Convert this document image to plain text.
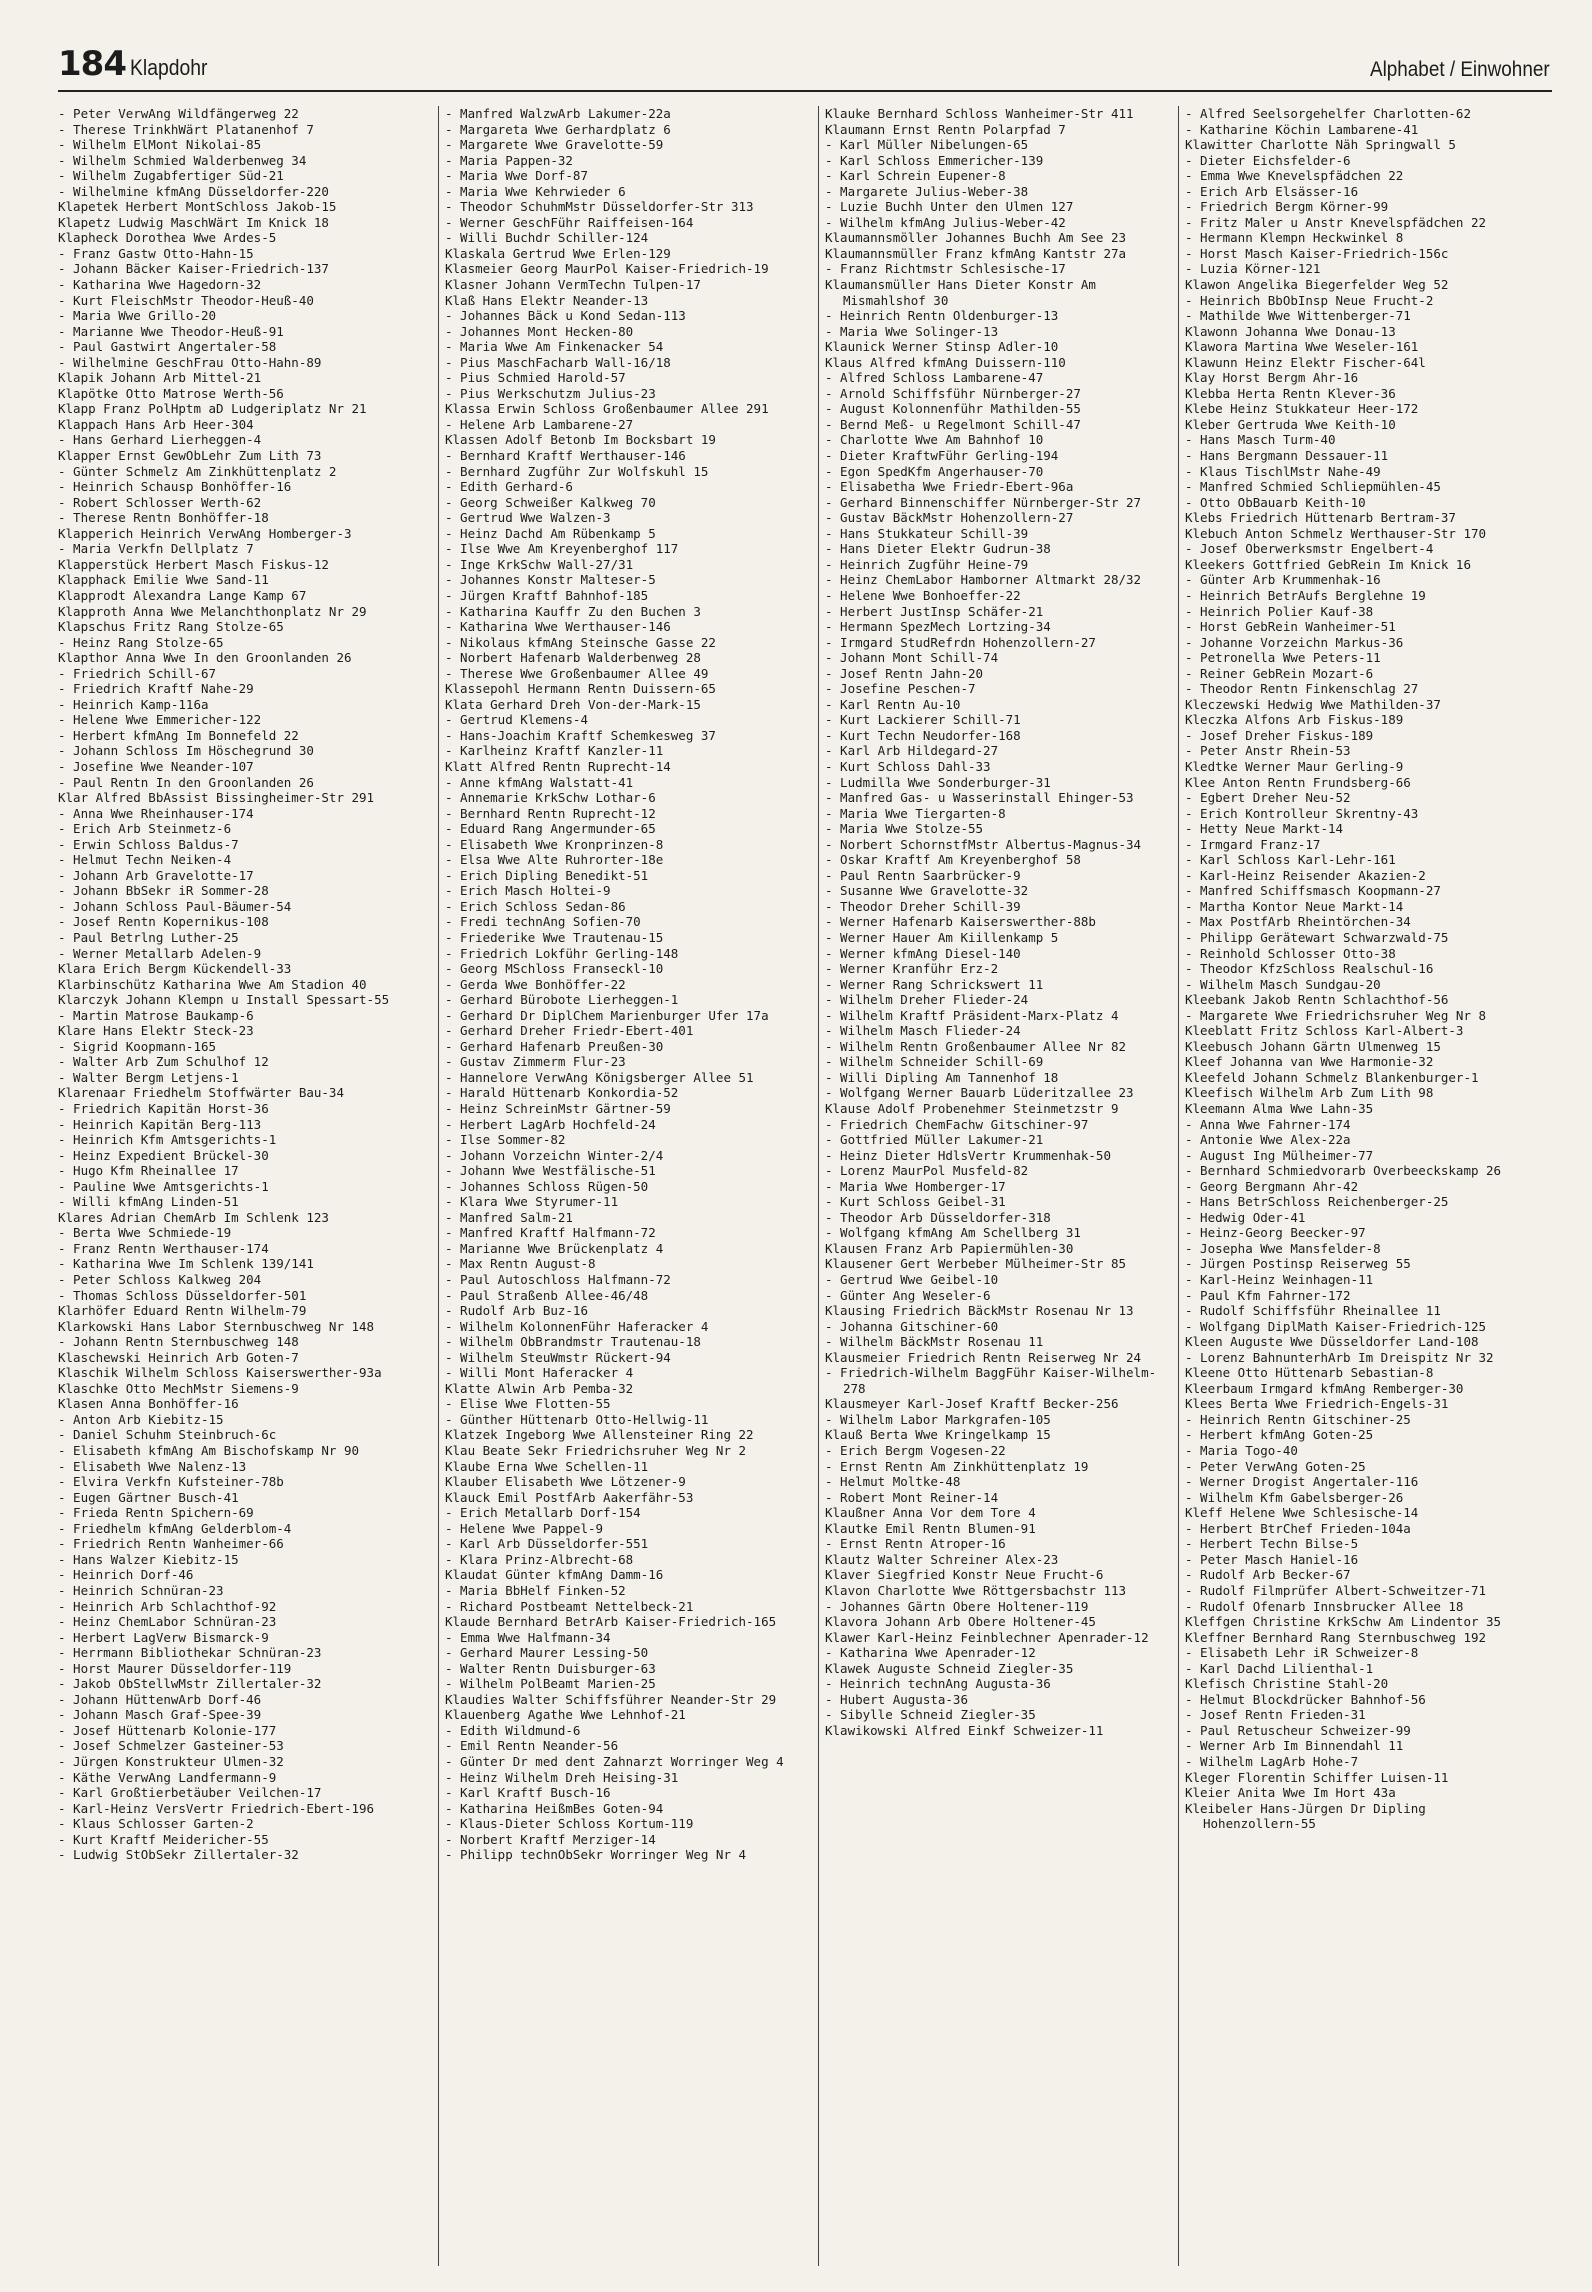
184 Klapdohr	Alphabet / Einwohner
- Peter VerwAng Wildfängerweg 22
- Therese TrinkhWärt Platanenhof 7
- Wilhelm ElMont Nikolai-85
- Wilhelm Schmied Walderbenweg 34
- Wilhelm Zugabfertiger Süd-21
- Wilhelmine kfmAng Düsseldorfer-220
Klapetek Herbert MontSchloss Jakob-15
Klapetz Ludwig MaschWärt Im Knick 18
Klapheck Dorothea Wwe Ardes-5
- Franz Gastw Otto-Hahn-15
- Johann Bäcker Kaiser-Friedrich-137
- Katharina Wwe Hagedorn-32
- Kurt FleischMstr Theodor-Heuß-40
- Maria Wwe Grillo-20
- Marianne Wwe Theodor-Heuß-91
- Paul Gastwirt Angertaler-58
- Wilhelmine GeschFrau Otto-Hahn-89
Klapik Johann Arb Mittel-21
Klapötke Otto Matrose Werth-56
Klapp Franz PolHptm aD Ludgeriplatz Nr 21
Klappach Hans Arb Heer-304
- Hans Gerhard Lierheggen-4
Klapper Ernst GewObLehr Zum Lith 73
- Günter Schmelz Am Zinkhüttenplatz 2
- Heinrich Schausp Bonhöffer-16
- Robert Schlosser Werth-62
- Therese Rentn Bonhöffer-18
Klapperich Heinrich VerwAng Homberger-3
- Maria Verkfn Dellplatz 7
Klapperstück Herbert Masch Fiskus-12
Klapphack Emilie Wwe Sand-11
Klapprodt Alexandra Lange Kamp 67
Klapproth Anna Wwe Melanchthonplatz Nr 29
Klapschus Fritz Rang Stolze-65
- Heinz Rang Stolze-65
Klapthor Anna Wwe In den Groonlanden 26
- Friedrich Schill-67
- Friedrich Kraftf Nahe-29
- Heinrich Kamp-116a
- Helene Wwe Emmericher-122
- Herbert kfmAng Im Bonnefeld 22
- Johann Schloss Im Höschegrund 30
- Josefine Wwe Neander-107
- Paul Rentn In den Groonlanden 26
Klar Alfred BbAssist Bissingheimer-Str 291
- Anna Wwe Rheinhauser-174
- Erich Arb Steinmetz-6
- Erwin Schloss Baldus-7
- Helmut Techn Neiken-4
- Johann Arb Gravelotte-17
- Johann BbSekr iR Sommer-28
- Johann Schloss Paul-Bäumer-54
- Josef Rentn Kopernikus-108
- Paul Betrlng Luther-25
- Werner Metallarb Adelen-9
Klara Erich Bergm Kückendell-33
Klarbinschütz Katharina Wwe Am Stadion 40
Klarczyk Johann Klempn u Install Spessart-55
- Martin Matrose Baukamp-6
Klare Hans Elektr Steck-23
- Sigrid Koopmann-165
- Walter Arb Zum Schulhof 12
- Walter Bergm Letjens-1
Klarenaar Friedhelm Stoffwärter Bau-34
- Friedrich Kapitän Horst-36
- Heinrich Kapitän Berg-113
- Heinrich Kfm Amtsgerichts-1
- Heinz Expedient Brückel-30
- Hugo Kfm Rheinallee 17
- Pauline Wwe Amtsgerichts-1
- Willi kfmAng Linden-51
Klares Adrian ChemArb Im Schlenk 123
- Berta Wwe Schmiede-19
- Franz Rentn Werthauser-174
- Katharina Wwe Im Schlenk 139/141
- Peter Schloss Kalkweg 204
- Thomas Schloss Düsseldorfer-501
Klarhöfer Eduard Rentn Wilhelm-79
Klarkowski Hans Labor Sternbuschweg Nr 148
- Johann Rentn Sternbuschweg 148
Klaschewski Heinrich Arb Goten-7
Klaschik Wilhelm Schloss Kaiserswerther-93a
Klaschke Otto MechMstr Siemens-9
Klasen Anna Bonhöffer-16
- Anton Arb Kiebitz-15
- Daniel Schuhm Steinbruch-6c
- Elisabeth kfmAng Am Bischofskamp Nr 90
- Elisabeth Wwe Nalenz-13
- Elvira Verkfn Kufsteiner-78b
- Eugen Gärtner Busch-41
- Frieda Rentn Spichern-69
- Friedhelm kfmAng Gelderblom-4
- Friedrich Rentn Wanheimer-66
- Hans Walzer Kiebitz-15
- Heinrich Dorf-46
- Heinrich Schnüran-23
- Heinrich Arb Schlachthof-92
- Heinz ChemLabor Schnüran-23
- Herbert LagVerw Bismarck-9
- Herrmann Bibliothekar Schnüran-23
- Horst Maurer Düsseldorfer-119
- Jakob ObStellwMstr Zillertaler-32
- Johann HüttenwArb Dorf-46
- Johann Masch Graf-Spee-39
- Josef Hüttenarb Kolonie-177
- Josef Schmelzer Gasteiner-53
- Jürgen Konstrukteur Ulmen-32
- Käthe VerwAng Landfermann-9
- Karl Großtierbetäuber Veilchen-17
- Karl-Heinz VersVertr Friedrich-Ebert-196
- Klaus Schlosser Garten-2
- Kurt Kraftf Meidericher-55
- Ludwig StObSekr Zillertaler-32
- Manfred WalzwArb Lakumer-22a
- Margareta Wwe Gerhardplatz 6
- Margarete Wwe Gravelotte-59
- Maria Pappen-32
- Maria Wwe Dorf-87
- Maria Wwe Kehrwieder 6
- Theodor SchuhmMstr Düsseldorfer-Str 313
- Werner GeschFühr Raiffeisen-164
- Willi Buchdr Schiller-124
Klaskala Gertrud Wwe Erlen-129
Klasmeier Georg MaurPol Kaiser-Friedrich-19
Klasner Johann VermTechn Tulpen-17
Klaß Hans Elektr Neander-13
- Johannes Bäck u Kond Sedan-113
- Johannes Mont Hecken-80
- Maria Wwe Am Finkenacker 54
- Pius MaschFacharb Wall-16/18
- Pius Schmied Harold-57
- Pius Werkschutzm Julius-23
Klassa Erwin Schloss Großenbaumer Allee 291
- Helene Arb Lambarene-27
Klassen Adolf Betonb Im Bocksbart 19
- Bernhard Kraftf Werthauser-146
- Bernhard Zugführ Zur Wolfskuhl 15
- Edith Gerhard-6
- Georg Schweißer Kalkweg 70
- Gertrud Wwe Walzen-3
- Heinz Dachd Am Rübenkamp 5
- Ilse Wwe Am Kreyenberghof 117
- Inge KrkSchw Wall-27/31
- Johannes Konstr Malteser-5
- Jürgen Kraftf Bahnhof-185
- Katharina Kauffr Zu den Buchen 3
- Katharina Wwe Werthauser-146
- Nikolaus kfmAng Steinsche Gasse 22
- Norbert Hafenarb Walderbenweg 28
- Therese Wwe Großenbaumer Allee 49
Klassepohl Hermann Rentn Duissern-65
Klata Gerhard Dreh Von-der-Mark-15
- Gertrud Klemens-4
- Hans-Joachim Kraftf Schemkesweg 37
- Karlheinz Kraftf Kanzler-11
Klatt Alfred Rentn Ruprecht-14
- Anne kfmAng Walstatt-41
- Annemarie KrkSchw Lothar-6
- Bernhard Rentn Ruprecht-12
- Eduard Rang Angermunder-65
- Elisabeth Wwe Kronprinzen-8
- Elsa Wwe Alte Ruhrorter-18e
- Erich Dipling Benedikt-51
- Erich Masch Holtei-9
- Erich Schloss Sedan-86
- Fredi technAng Sofien-70
- Friederike Wwe Trautenau-15
- Friedrich Lokführ Gerling-148
- Georg MSchloss Franseckl-10
- Gerda Wwe Bonhöffer-22
- Gerhard Bürobote Lierheggen-1
- Gerhard Dr DiplChem Marienburger Ufer 17a
- Gerhard Dreher Friedr-Ebert-401
- Gerhard Hafenarb Preußen-30
- Gustav Zimmerm Flur-23
- Hannelore VerwAng Königsberger Allee 51
- Harald Hüttenarb Konkordia-52
- Heinz SchreinMstr Gärtner-59
- Herbert LagArb Hochfeld-24
- Ilse Sommer-82
- Johann Vorzeichn Winter-2/4
- Johann Wwe Westfälische-51
- Johannes Schloss Rügen-50
- Klara Wwe Styrumer-11
- Manfred Salm-21
- Manfred Kraftf Halfmann-72
- Marianne Wwe Brückenplatz 4
- Max Rentn August-8
- Paul Autoschloss Halfmann-72
- Paul Straßenb Allee-46/48
- Rudolf Arb Buz-16
- Wilhelm KolonnenFühr Haferacker 4
- Wilhelm ObBrandmstr Trautenau-18
- Wilhelm SteuWmstr Rückert-94
- Willi Mont Haferacker 4
Klatte Alwin Arb Pemba-32
- Elise Wwe Flotten-55
- Günther Hüttenarb Otto-Hellwig-11
Klatzek Ingeborg Wwe Allensteiner Ring 22
Klau Beate Sekr Friedrichsruher Weg Nr 2
Klaube Erna Wwe Schellen-11
Klauber Elisabeth Wwe Lötzener-9
Klauck Emil PostfArb Aakerfähr-53
- Erich Metallarb Dorf-154
- Helene Wwe Pappel-9
- Karl Arb Düsseldorfer-551
- Klara Prinz-Albrecht-68
Klaudat Günter kfmAng Damm-16
- Maria BbHelf Finken-52
- Richard Postbeamt Nettelbeck-21
Klaude Bernhard BetrArb Kaiser-Friedrich-165
- Emma Wwe Halfmann-34
- Gerhard Maurer Lessing-50
- Walter Rentn Duisburger-63
- Wilhelm PolBeamt Marien-25
Klaudies Walter Schiffsführer Neander-Str 29
Klauenberg Agathe Wwe Lehnhof-21
- Edith Wildmund-6
- Emil Rentn Neander-56
- Günter Dr med dent Zahnarzt Worringer Weg 4
- Heinz Wilhelm Dreh Heising-31
- Karl Kraftf Busch-16
- Katharina HeißmBes Goten-94
- Klaus-Dieter Schloss Kortum-119
- Norbert Kraftf Merziger-14
- Philipp technObSekr Worringer Weg Nr 4
Klauke Bernhard Schloss Wanheimer-Str 411
Klaumann Ernst Rentn Polarpfad 7
- Karl Müller Nibelungen-65
- Karl Schloss Emmericher-139
- Karl Schrein Eupener-8
- Margarete Julius-Weber-38
- Luzie Buchh Unter den Ulmen 127
- Wilhelm kfmAng Julius-Weber-42
Klaumannsmöller Johannes Buchh Am See 23
Klaumannsmüller Franz kfmAng Kantstr 27a
- Franz Richtmstr Schlesische-17
Klaumansmüller Hans Dieter Konstr Am Mismahlshof 30
- Heinrich Rentn Oldenburger-13
- Maria Wwe Solinger-13
Klaunick Werner Stinsp Adler-10
Klaus Alfred kfmAng Duissern-110
- Alfred Schloss Lambarene-47
- Arnold Schiffsführ Nürnberger-27
- August Kolonnenführ Mathilden-55
- Bernd Meß- u Regelmont Schill-47
- Charlotte Wwe Am Bahnhof 10
- Dieter KraftwFühr Gerling-194
- Egon SpedKfm Angerhauser-70
- Elisabetha Wwe Friedr-Ebert-96a
- Gerhard Binnenschiffer Nürnberger-Str 27
- Gustav BäckMstr Hohenzollern-27
- Hans Stukkateur Schill-39
- Hans Dieter Elektr Gudrun-38
- Heinrich Zugführ Heine-79
- Heinz ChemLabor Hamborner Altmarkt 28/32
- Helene Wwe Bonhoeffer-22
- Herbert JustInsp Schäfer-21
- Hermann SpezMech Lortzing-34
- Irmgard StudRefrdn Hohenzollern-27
- Johann Mont Schill-74
- Josef Rentn Jahn-20
- Josefine Peschen-7
- Karl Rentn Au-10
- Kurt Lackierer Schill-71
- Kurt Techn Neudorfer-168
- Karl Arb Hildegard-27
- Kurt Schloss Dahl-33
- Ludmilla Wwe Sonderburger-31
- Manfred Gas- u Wasserinstall Ehinger-53
- Maria Wwe Tiergarten-8
- Maria Wwe Stolze-55
- Norbert SchornstfMstr Albertus-Magnus-34
- Oskar Kraftf Am Kreyenberghof 58
- Paul Rentn Saarbrücker-9
- Susanne Wwe Gravelotte-32
- Theodor Dreher Schill-39
- Werner Hafenarb Kaiserswerther-88b
- Werner Hauer Am Kiillenkamp 5
- Werner kfmAng Diesel-140
- Werner Kranführ Erz-2
- Werner Rang Schrickswert 11
- Wilhelm Dreher Flieder-24
- Wilhelm Kraftf Präsident-Marx-Platz 4
- Wilhelm Masch Flieder-24
- Wilhelm Rentn Großenbaumer Allee Nr 82
- Wilhelm Schneider Schill-69
- Willi Dipling Am Tannenhof 18
- Wolfgang Werner Bauarb Lüderitzallee 23
Klause Adolf Probenehmer Steinmetzstr 9
- Friedrich ChemFachw Gitschiner-97
- Gottfried Müller Lakumer-21
- Heinz Dieter HdlsVertr Krummenhak-50
- Lorenz MaurPol Musfeld-82
- Maria Wwe Homberger-17
- Kurt Schloss Geibel-31
- Theodor Arb Düsseldorfer-318
- Wolfgang kfmAng Am Schellberg 31
Klausen Franz Arb Papiermühlen-30
Klausener Gert Werbeber Mülheimer-Str 85
- Gertrud Wwe Geibel-10
- Günter Ang Weseler-6
Klausing Friedrich BäckMstr Rosenau Nr 13
- Johanna Gitschiner-60
- Wilhelm BäckMstr Rosenau 11
Klausmeier Friedrich Rentn Reiserweg Nr 24
- Friedrich-Wilhelm BaggFühr Kaiser-Wilhelm-278
Klausmeyer Karl-Josef Kraftf Becker-256
- Wilhelm Labor Markgrafen-105
Klauß Berta Wwe Kringelkamp 15
- Erich Bergm Vogesen-22
- Ernst Rentn Am Zinkhüttenplatz 19
- Helmut Moltke-48
- Robert Mont Reiner-14
Klaußner Anna Vor dem Tore 4
Klautke Emil Rentn Blumen-91
- Ernst Rentn Atroper-16
Klautz Walter Schreiner Alex-23
Klaver Siegfried Konstr Neue Frucht-6
Klavon Charlotte Wwe Röttgersbachstr 113
- Johannes Gärtn Obere Holtener-119
Klavora Johann Arb Obere Holtener-45
Klawer Karl-Heinz Feinblechner Apenrader-12
- Katharina Wwe Apenrader-12
Klawek Auguste Schneid Ziegler-35
- Heinrich technAng Augusta-36
- Hubert Augusta-36
- Sibylle Schneid Ziegler-35
Klawikowski Alfred Einkf Schweizer-11
- Alfred Seelsorgehelfer Charlotten-62
- Katharine Köchin Lambarene-41
Klawitter Charlotte Näh Springwall 5
- Dieter Eichsfelder-6
- Emma Wwe Knevelspfädchen 22
- Erich Arb Elsässer-16
- Friedrich Bergm Körner-99
- Fritz Maler u Anstr Knevelspfädchen 22
- Hermann Klempn Heckwinkel 8
- Horst Masch Kaiser-Friedrich-156c
- Luzia Körner-121
Klawon Angelika Biegerfelder Weg 52
- Heinrich BbObInsp Neue Frucht-2
- Mathilde Wwe Wittenberger-71
Klawonn Johanna Wwe Donau-13
Klawora Martina Wwe Weseler-161
Klawunn Heinz Elektr Fischer-64l
Klay Horst Bergm Ahr-16
Klebba Herta Rentn Klever-36
Klebe Heinz Stukkateur Heer-172
Kleber Gertruda Wwe Keith-10
- Hans Masch Turm-40
- Hans Bergmann Dessauer-11
- Klaus TischlMstr Nahe-49
- Manfred Schmied Schliepmühlen-45
- Otto ObBauarb Keith-10
Klebs Friedrich Hüttenarb Bertram-37
Klebuch Anton Schmelz Werthauser-Str 170
- Josef Oberwerksmstr Engelbert-4
Kleekers Gottfried GebRein Im Knick 16
- Günter Arb Krummenhak-16
- Heinrich BetrAufs Berglehne 19
- Heinrich Polier Kauf-38
- Horst GebRein Wanheimer-51
- Johanne Vorzeichn Markus-36
- Petronella Wwe Peters-11
- Reiner GebRein Mozart-6
- Theodor Rentn Finkenschlag 27
Kleczewski Hedwig Wwe Mathilden-37
Kleczka Alfons Arb Fiskus-189
- Josef Dreher Fiskus-189
- Peter Anstr Rhein-53
Kledtke Werner Maur Gerling-9
Klee Anton Rentn Frundsberg-66
- Egbert Dreher Neu-52
- Erich Kontrolleur Skrentny-43
- Hetty Neue Markt-14
- Irmgard Franz-17
- Karl Schloss Karl-Lehr-161
- Karl-Heinz Reisender Akazien-2
- Manfred Schiffsmasch Koopmann-27
- Martha Kontor Neue Markt-14
- Max PostfArb Rheintörchen-34
- Philipp Gerätewart Schwarzwald-75
- Reinhold Schlosser Otto-38
- Theodor KfzSchloss Realschul-16
- Wilhelm Masch Sundgau-20
Kleebank Jakob Rentn Schlachthof-56
- Margarete Wwe Friedrichsruher Weg Nr 8
Kleeblatt Fritz Schloss Karl-Albert-3
Kleebusch Johann Gärtn Ulmenweg 15
Kleef Johanna van Wwe Harmonie-32
Kleefeld Johann Schmelz Blankenburger-1
Kleefisch Wilhelm Arb Zum Lith 98
Kleemann Alma Wwe Lahn-35
- Anna Wwe Fahrner-174
- Antonie Wwe Alex-22a
- August Ing Mülheimer-77
- Bernhard Schmiedvorarb Overbeeckskamp 26
- Georg Bergmann Ahr-42
- Hans BetrSchloss Reichenberger-25
- Hedwig Oder-41
- Heinz-Georg Beecker-97
- Josepha Wwe Mansfelder-8
- Jürgen Postinsp Reiserweg 55
- Karl-Heinz Weinhagen-11
- Paul Kfm Fahrner-172
- Rudolf Schiffsführ Rheinallee 11
- Wolfgang DiplMath Kaiser-Friedrich-125
Kleen Auguste Wwe Düsseldorfer Land-108
- Lorenz BahnunterhArb Im Dreispitz Nr 32
Kleene Otto Hüttenarb Sebastian-8
Kleerbaum Irmgard kfmAng Remberger-30
Klees Berta Wwe Friedrich-Engels-31
- Heinrich Rentn Gitschiner-25
- Herbert kfmAng Goten-25
- Maria Togo-40
- Peter VerwAng Goten-25
- Werner Drogist Angertaler-116
- Wilhelm Kfm Gabelsberger-26
Kleff Helene Wwe Schlesische-14
- Herbert BtrChef Frieden-104a
- Herbert Techn Bilse-5
- Peter Masch Haniel-16
- Rudolf Arb Becker-67
- Rudolf Filmprüfer Albert-Schweitzer-71
- Rudolf Ofenarb Innsbrucker Allee 18
Kleffgen Christine KrkSchw Am Lindentor 35
Kleffner Bernhard Rang Sternbuschweg 192
- Elisabeth Lehr iR Schweizer-8
- Karl Dachd Lilienthal-1
Klefisch Christine Stahl-20
- Helmut Blockdrücker Bahnhof-56
- Josef Rentn Frieden-31
- Paul Retuscheur Schweizer-99
- Werner Arb Im Binnendahl 11
- Wilhelm LagArb Hohe-7
Kleger Florentin Schiffer Luisen-11
Kleier Anita Wwe Im Hort 43a
Kleibeler Hans-Jürgen Dr Dipling Hohenzollern-55
